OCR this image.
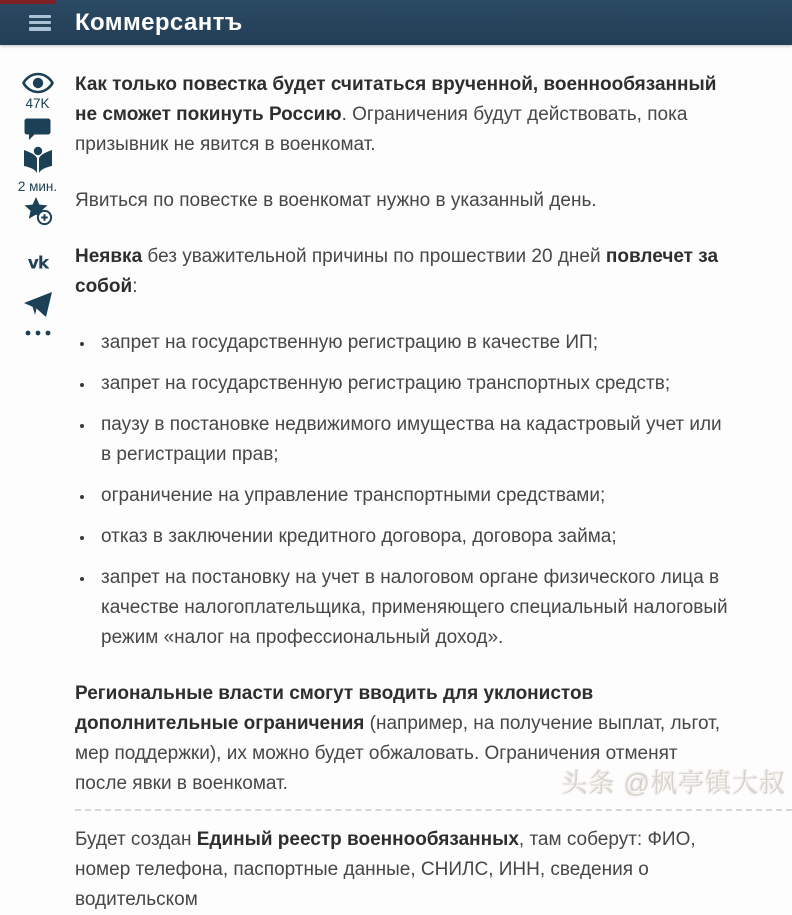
Коммерсантъ
47K
2 мин.
vk

Как только повестка будет считаться врученной, военнообязанный не сможет покинуть Россию. Ограничения будут действовать, пока призывник не явится в военкомат.

Явиться по повестке в военкомат нужно в указанный день.

Неявка без уважительной причины по прошествии 20 дней повлечет за собой:

• запрет на государственную регистрацию в качестве ИП;
• запрет на государственную регистрацию транспортных средств;
• паузу в постановке недвижимого имущества на кадастровый учет или в регистрации прав;
• ограничение на управление транспортными средствами;
• отказ в заключении кредитного договора, договора займа;
• запрет на постановку на учет в налоговом органе физического лица в качестве налогоплательщика, применяющего специальный налоговый режим «налог на профессиональный доход».

Региональные власти смогут вводить для уклонистов дополнительные ограничения (например, на получение выплат, льгот, мер поддержки), их можно будет обжаловать. Ограничения отменят после явки в военкомат.

Будет создан Единый реестр военнообязанных, там соберут: ФИО, номер телефона, паспортные данные, СНИЛС, ИНН, сведения о водительском

头条 @枫亭镇大叔
